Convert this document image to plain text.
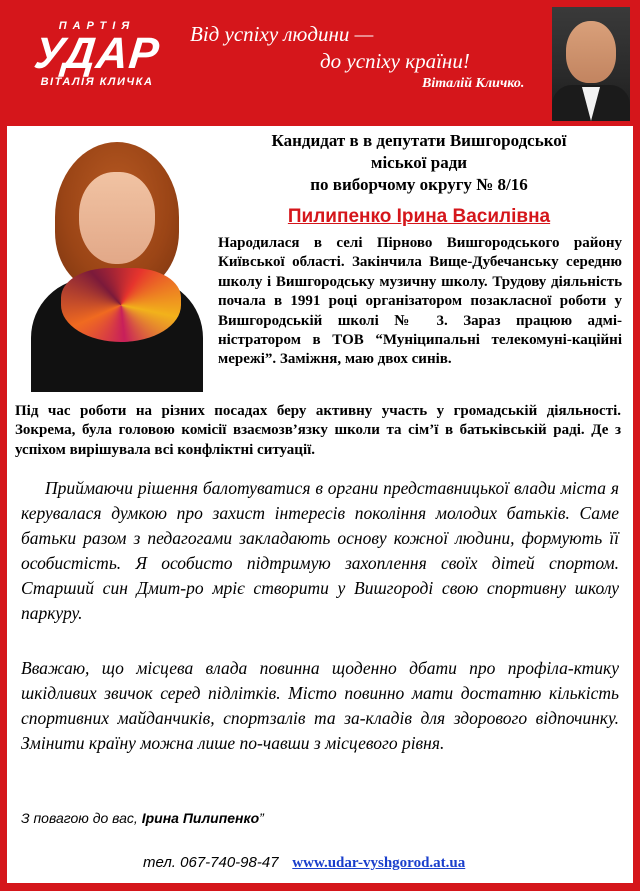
ПАРТІЯ
УДАР
ВІТАЛІЯ КЛИЧКА
Від успіху людини —
до успіху країни!
Віталій Кличко.
Кандидат в в депутати Вишгородської
міської ради
по виборчому округу № 8/16
Пилипенко Ірина Василівна
Народилася в селі Пірново Вишгородського району Київської області. Закінчила Вище-Дубечанську середню школу і Вишгородську музичну школу. Трудову діяльність почала в 1991 році організатором позакласної роботи у Вишгородській школі № 3. Зараз працюю адмі-ністратором в ТОВ “Муніципальні телекомуні-каційні мережі”. Заміжня, маю двох синів.
Під час роботи на різних посадах беру активну участь у громадській діяльності. Зокрема, була головою комісії взаємозв’язку школи та сім’ї в батьківській раді. Де з успіхом вирішувала всі конфліктні ситуації.
Приймаючи рішення балотуватися в органи представницької влади міста я керувалася думкою про захист інтересів покоління молодих батьків. Саме батьки разом з педагогами закладають основу кожної людини, формують її особистість. Я особисто підтримую захоплення своїх дітей спортом. Старший син Дмит-ро мріє створити у Вишгороді свою спортивну школу паркуру.
Вважаю, що місцева влада повинна щоденно дбати про профіла-ктику шкідливих звичок серед підлітків. Місто повинно мати достатню кількість спортивних майданчиків, спортзалів та за-кладів для здорового відпочинку. Змінити країну можна лише по-чавши з місцевого рівня.
З повагою до вас, Ірина Пилипенко”
тел. 067-740-98-47 www.udar-vyshgorod.at.ua
